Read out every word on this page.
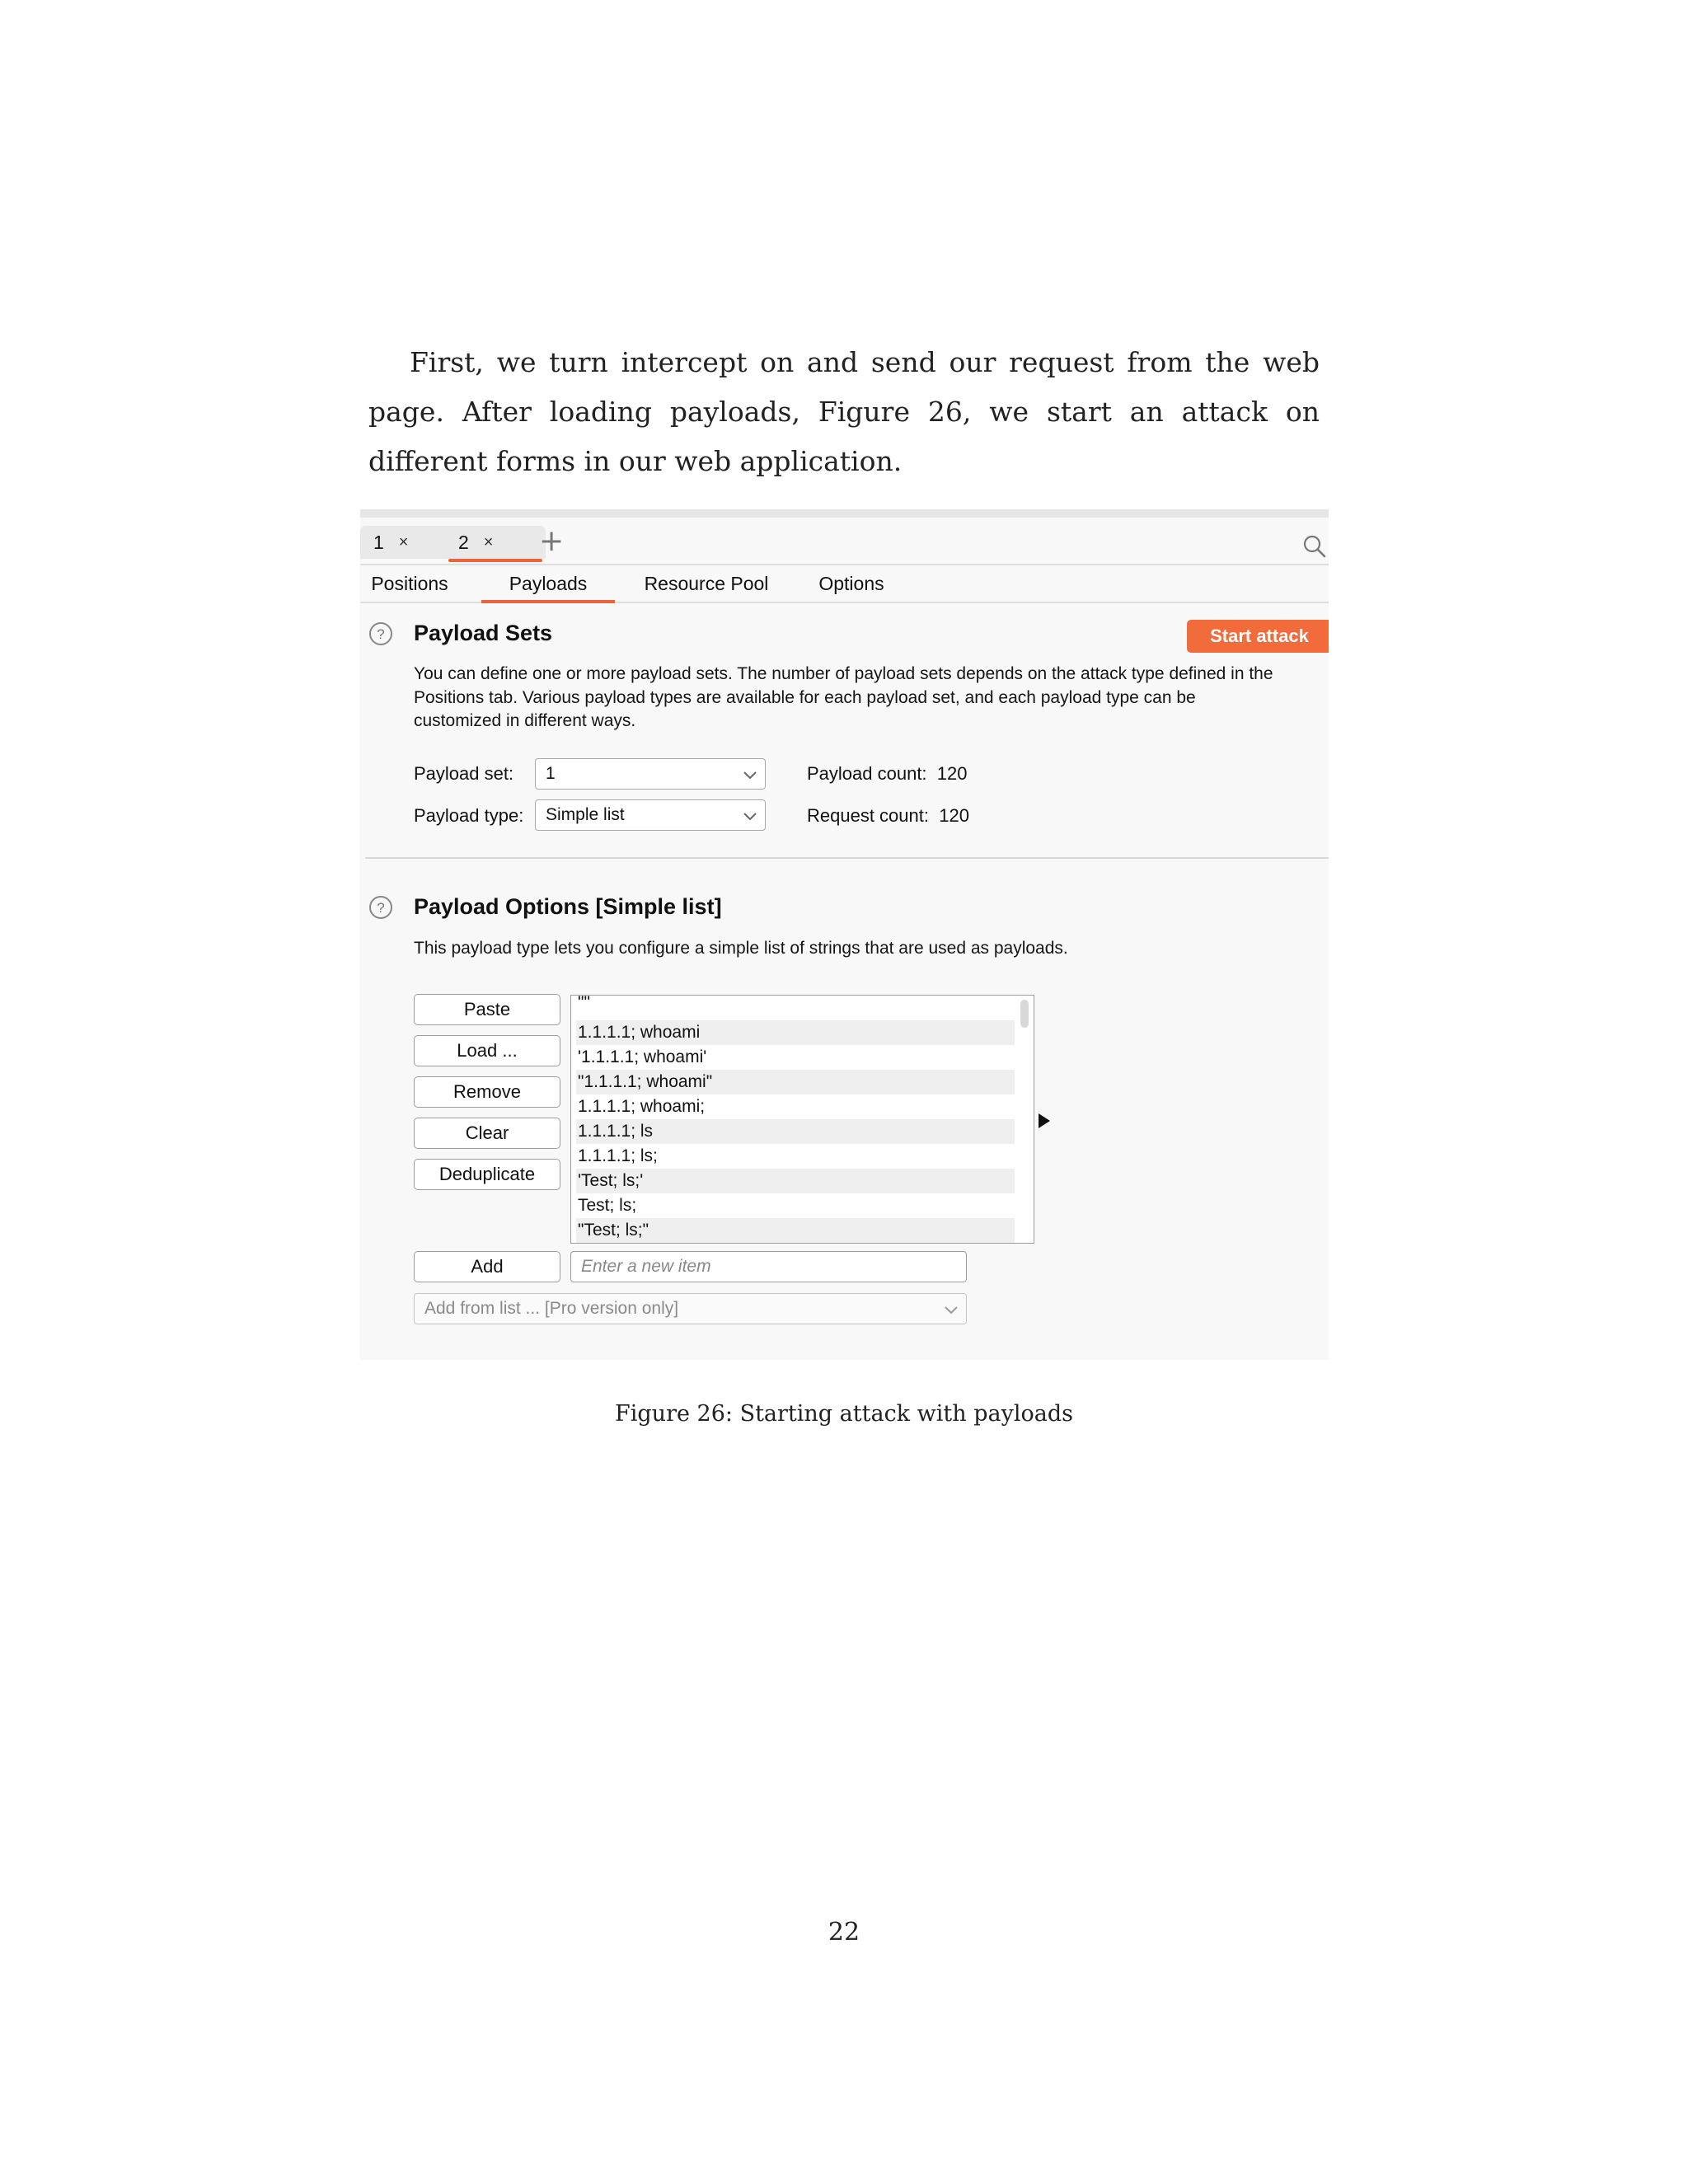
First, we turn intercept on and send our request from the web page. After loading payloads, Figure 26, we start an attack on different forms in our web application.
1 ×	2 × +
Positions	Payloads	Resource Pool	Options
? Payload Sets	Start attack
You can define one or more payload sets. The number of payload sets depends on the attack type defined in the
Positions tab. Various payload types are available for each payload set, and each payload type can be
customized in different ways.
Payload set: 1	Payload count: 120
Payload type: Simple list	Request count: 120
? Payload Options [Simple list]
This payload type lets you configure a simple list of strings that are used as payloads.
Paste
Load ...
Remove
Clear
Deduplicate
""
1.1.1.1; whoami
'1.1.1.1; whoami'
"1.1.1.1; whoami"
1.1.1.1; whoami;
1.1.1.1; ls
1.1.1.1; ls;
'Test; ls;'
Test; ls;
"Test; ls;"
Add	Enter a new item
Add from list ... [Pro version only]
Figure 26: Starting attack with payloads
22
